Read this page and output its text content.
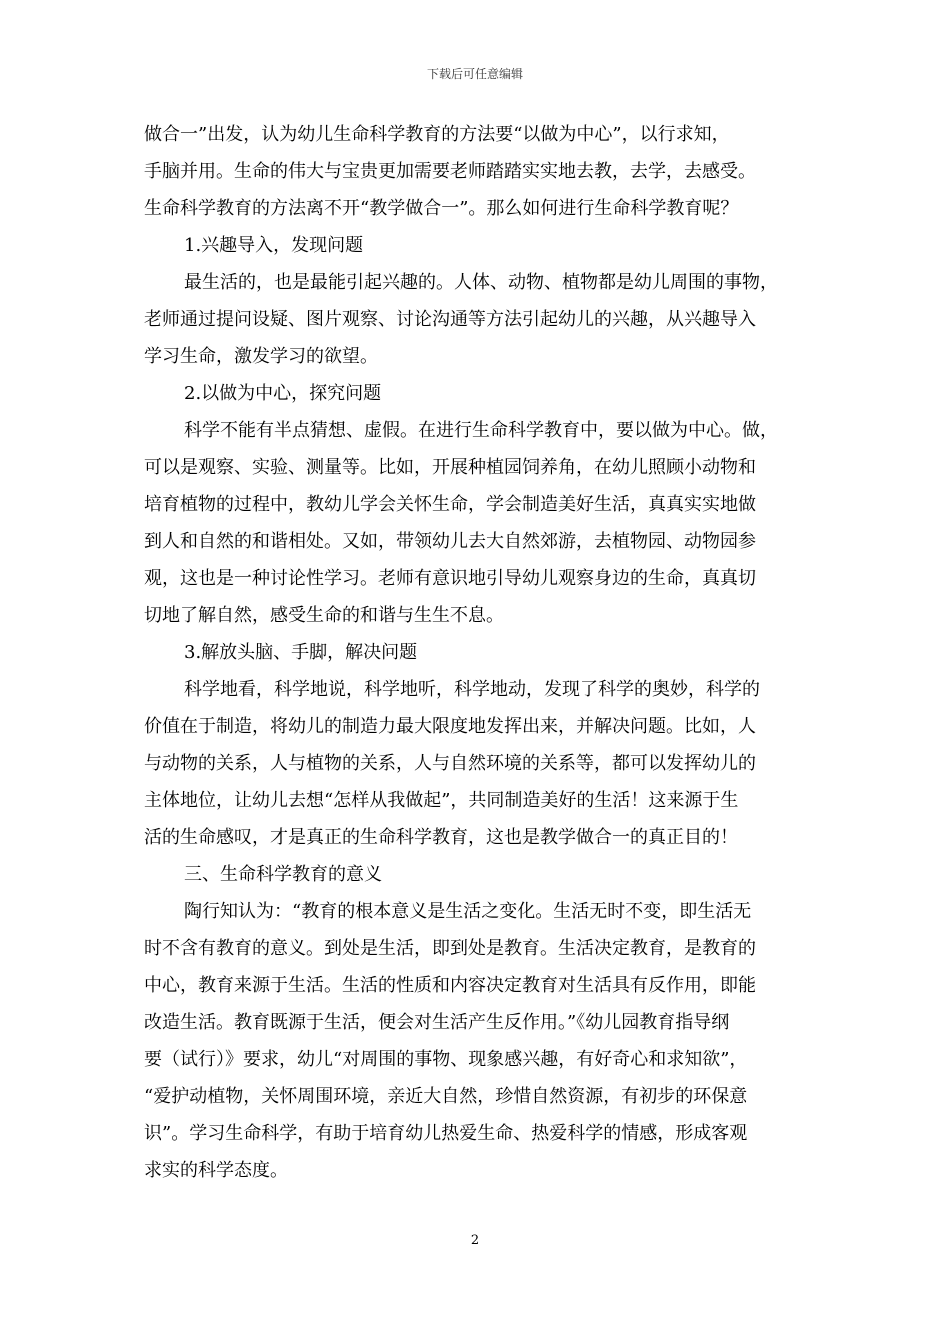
下载后可任意编辑
做合一”出发，认为幼儿生命科学教育的方法要“以做为中心”，以行求知，
手脑并用。生命的伟大与宝贵更加需要老师踏踏实实地去教，去学，去感受。
生命科学教育的方法离不开“教学做合一”。那么如何进行生命科学教育呢？
1.兴趣导入，发现问题
最生活的，也是最能引起兴趣的。人体、动物、植物都是幼儿周围的事物，
老师通过提问设疑、图片观察、讨论沟通等方法引起幼儿的兴趣，从兴趣导入
学习生命，激发学习的欲望。
2.以做为中心，探究问题
科学不能有半点猜想、虚假。在进行生命科学教育中，要以做为中心。做，
可以是观察、实验、测量等。比如，开展种植园饲养角，在幼儿照顾小动物和
培育植物的过程中，教幼儿学会关怀生命，学会制造美好生活，真真实实地做
到人和自然的和谐相处。又如，带领幼儿去大自然郊游，去植物园、动物园参
观，这也是一种讨论性学习。老师有意识地引导幼儿观察身边的生命，真真切
切地了解自然，感受生命的和谐与生生不息。
3.解放头脑、手脚，解决问题
科学地看，科学地说，科学地听，科学地动，发现了科学的奥妙，科学的
价值在于制造，将幼儿的制造力最大限度地发挥出来，并解决问题。比如，人
与动物的关系，人与植物的关系，人与自然环境的关系等，都可以发挥幼儿的
主体地位，让幼儿去想“怎样从我做起”，共同制造美好的生活！这来源于生
活的生命感叹，才是真正的生命科学教育，这也是教学做合一的真正目的！
三、生命科学教育的意义
陶行知认为：“教育的根本意义是生活之变化。生活无时不变，即生活无
时不含有教育的意义。到处是生活，即到处是教育。生活决定教育，是教育的
中心，教育来源于生活。生活的性质和内容决定教育对生活具有反作用，即能
改造生活。教育既源于生活，便会对生活产生反作用。”《幼儿园教育指导纲
要（试行）》要求，幼儿“对周围的事物、现象感兴趣，有好奇心和求知欲”，
“爱护动植物，关怀周围环境，亲近大自然，珍惜自然资源，有初步的环保意
识”。学习生命科学，有助于培育幼儿热爱生命、热爱科学的情感，形成客观
求实的科学态度。
2
